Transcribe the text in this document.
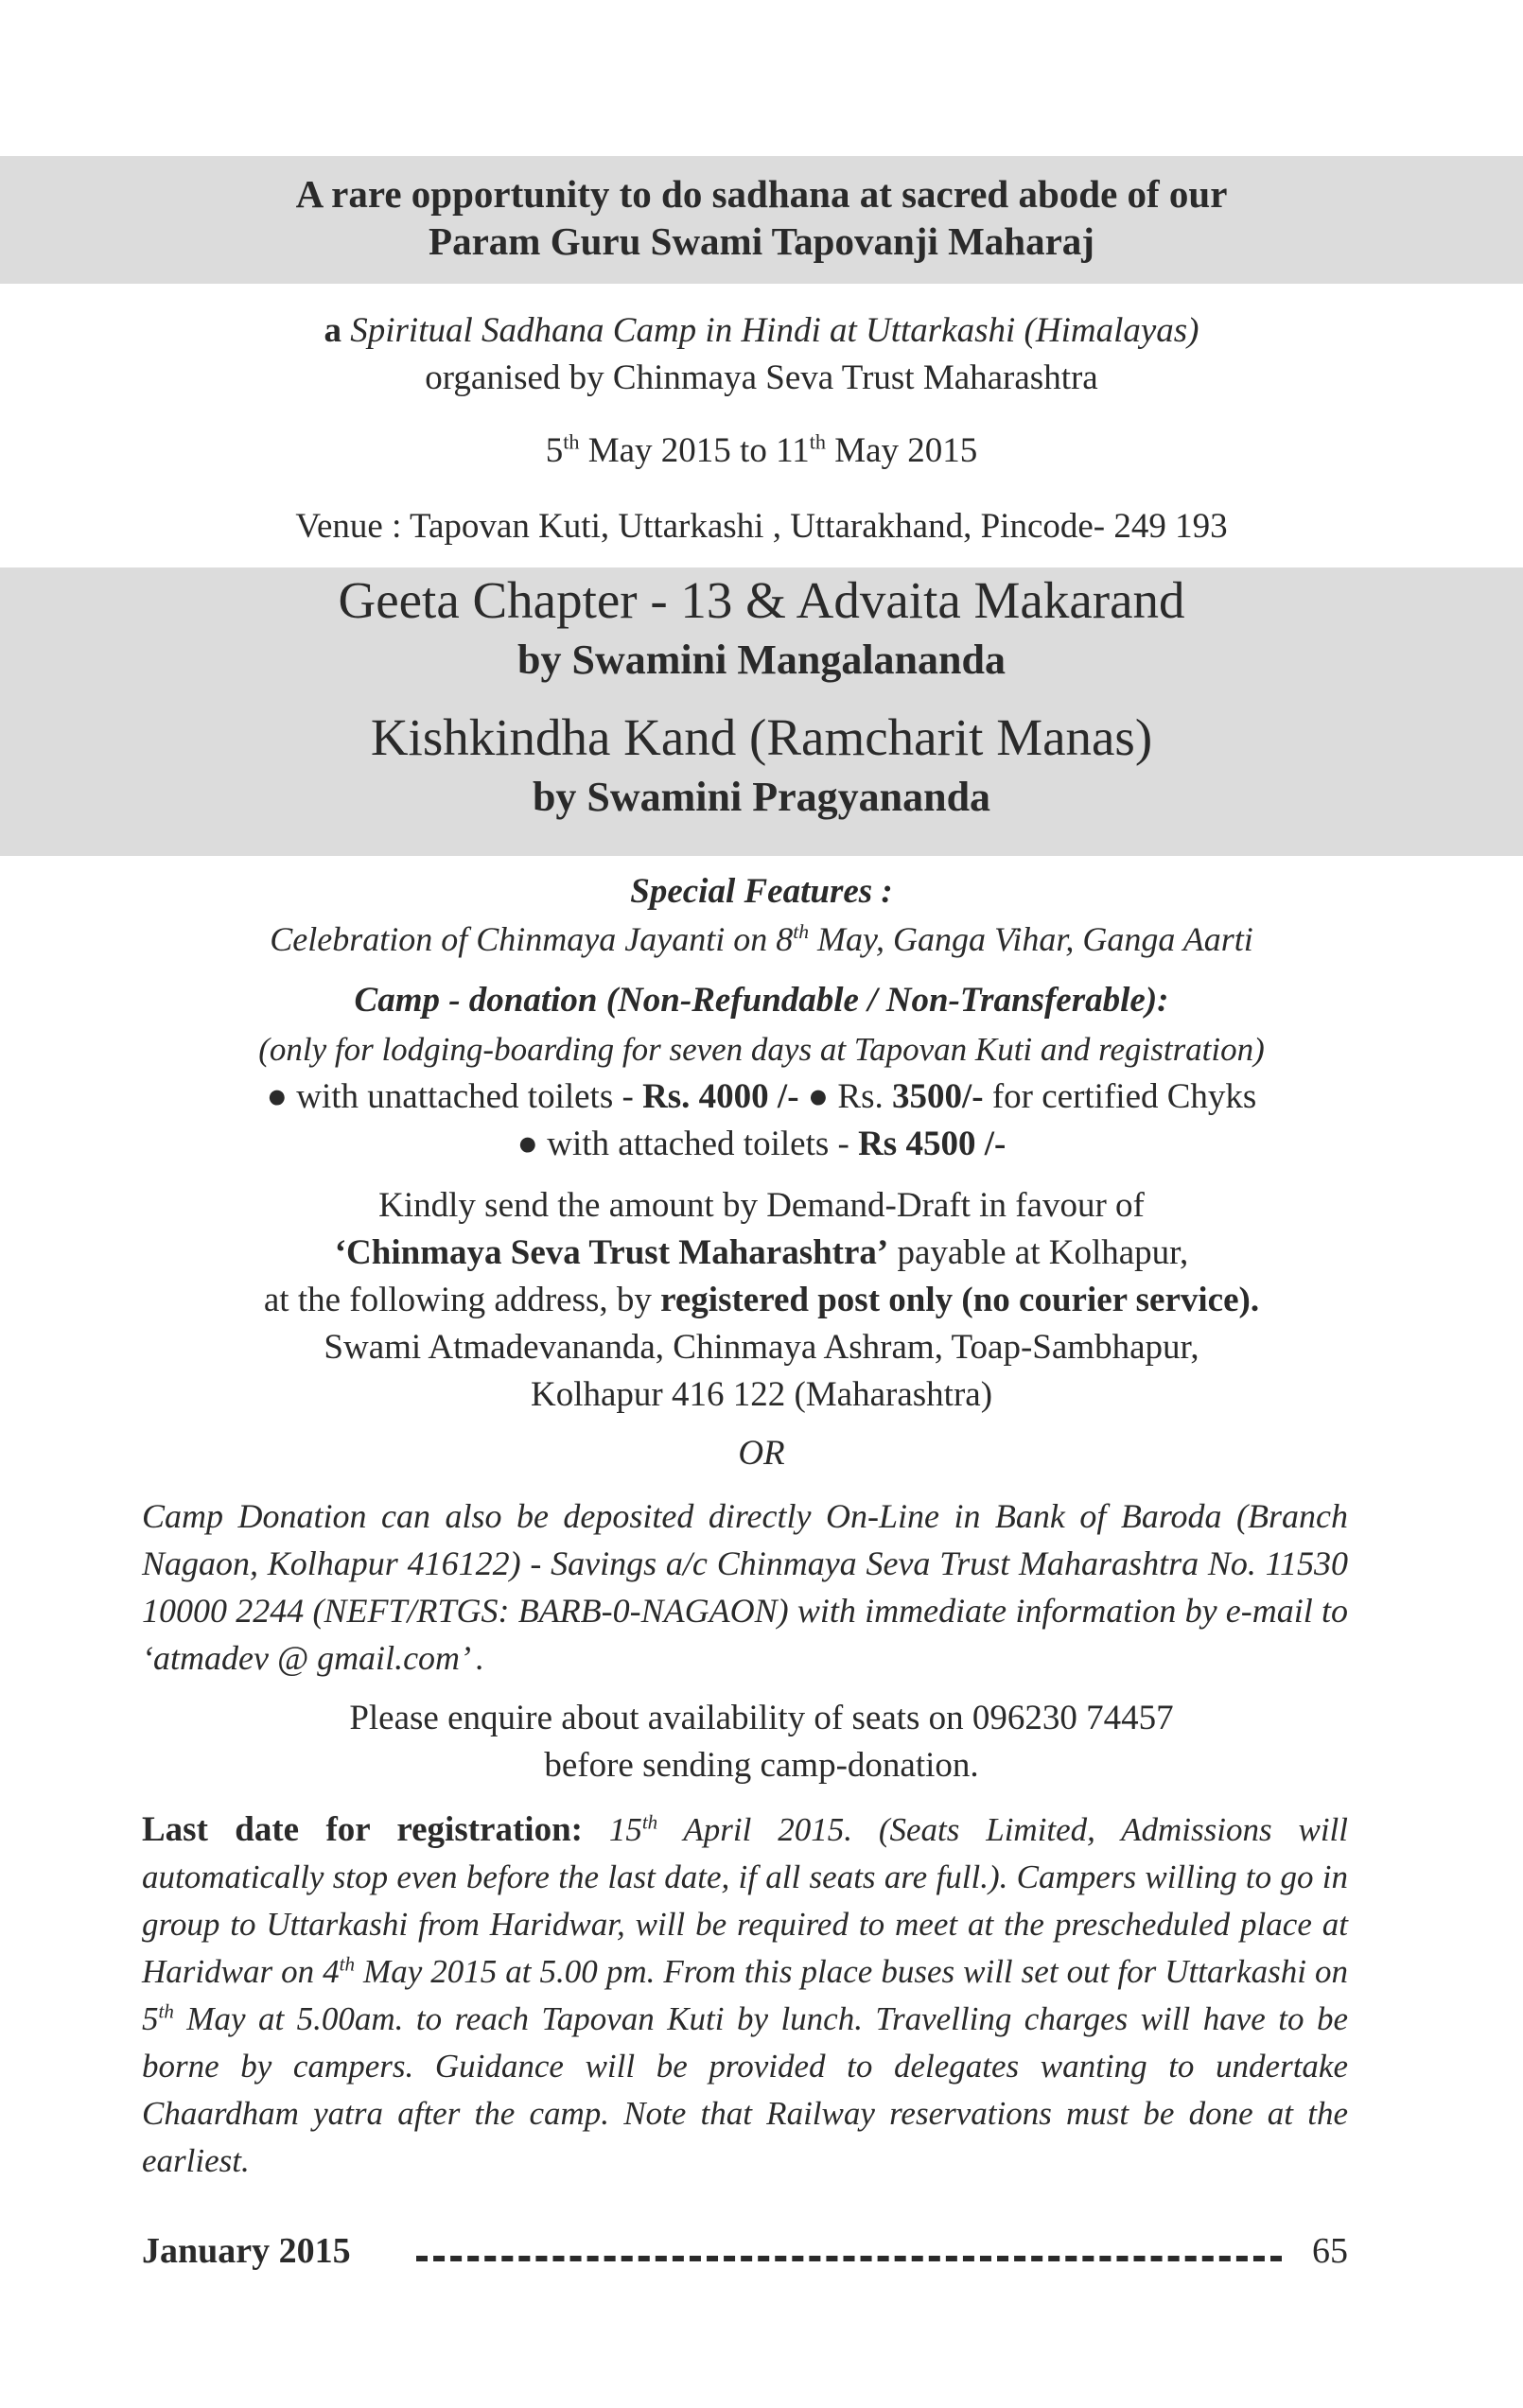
A rare opportunity to do sadhana at sacred abode of our
Param Guru Swami Tapovanji Maharaj
a Spiritual Sadhana Camp in Hindi at Uttarkashi (Himalayas)
organised by Chinmaya Seva Trust Maharashtra
5th May 2015 to 11th May 2015
Venue : Tapovan Kuti, Uttarkashi , Uttarakhand, Pincode- 249 193
Geeta Chapter - 13 & Advaita Makarand
by Swamini Mangalananda
Kishkindha Kand (Ramcharit Manas)
by Swamini Pragyananda
Special Features :
Celebration of Chinmaya Jayanti on 8th May, Ganga Vihar, Ganga Aarti
Camp - donation (Non-Refundable / Non-Transferable):
(only for lodging-boarding for seven days at Tapovan Kuti and registration)
● with unattached toilets - Rs. 4000 /- ● Rs. 3500/- for certified Chyks
● with attached toilets - Rs 4500 /-
Kindly send the amount by Demand-Draft in favour of
‘Chinmaya Seva Trust Maharashtra’ payable at Kolhapur,
at the following address, by registered post only (no courier service).
Swami Atmadevananda, Chinmaya Ashram, Toap-Sambhapur,
Kolhapur 416 122 (Maharashtra)
OR
Camp Donation can also be deposited directly On-Line in Bank of Baroda (Branch Nagaon, Kolhapur 416122) - Savings a/c Chinmaya Seva Trust Maharashtra No. 11530 10000 2244 (NEFT/RTGS: BARB-0-NAGAON) with immediate information by e-mail to ‘atmadev @ gmail.com’ .
Please enquire about availability of seats on 096230 74457
before sending camp-donation.
Last date for registration: 15th April 2015. (Seats Limited, Admissions will automatically stop even before the last date, if all seats are full.). Campers willing to go in group to Uttarkashi from Haridwar, will be required to meet at the prescheduled place at Haridwar on 4th May 2015 at 5.00 pm. From this place buses will set out for Uttarkashi on 5th May at 5.00am. to reach Tapovan Kuti by lunch. Travelling charges will have to be borne by campers. Guidance will be provided to delegates wanting to undertake Chaardham yatra after the camp. Note that Railway reservations must be done at the earliest.
January 2015	65
